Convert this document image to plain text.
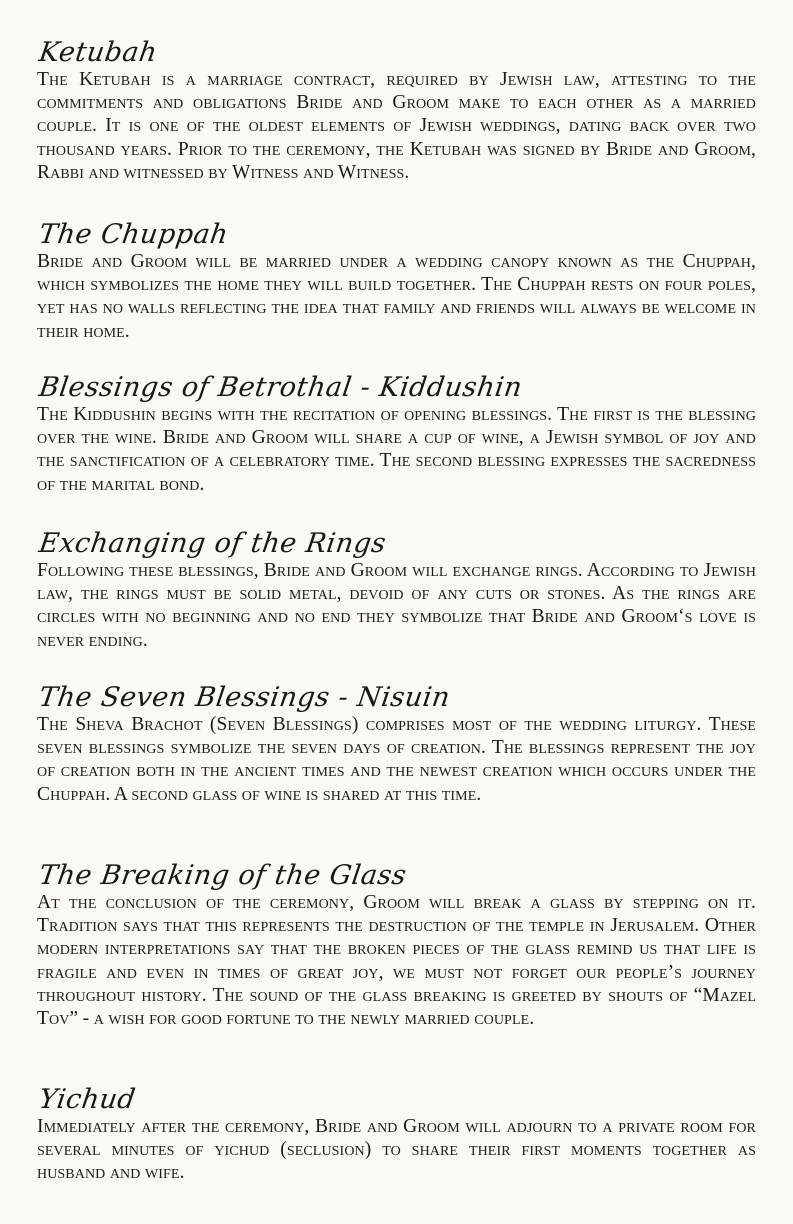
Ketubah

The Ketubah is a marriage contract, required by Jewish law, attesting to the commitments and obligations Bride and Groom make to each other as a married couple. It is one of the oldest elements of Jewish weddings, dating back over two thousand years. Prior to the ceremony, the Ketubah was signed by Bride and Groom, Rabbi and witnessed by Witness and Witness.

The Chuppah

Bride and Groom will be married under a wedding canopy known as the Chuppah, which symbolizes the home they will build together. The Chuppah rests on four poles, yet has no walls reflecting the idea that family and friends will always be welcome in their home.

Blessings of Betrothal - Kiddushin

The Kiddushin begins with the recitation of opening blessings. The first is the blessing over the wine. Bride and Groom will share a cup of wine, a Jewish symbol of joy and the sanctification of a celebratory time. The second blessing expresses the sacredness of the marital bond.

Exchanging of the Rings

Following these blessings, Bride and Groom will exchange rings. According to Jewish law, the rings must be solid metal, devoid of any cuts or stones. As the rings are circles with no beginning and no end they symbolize that Bride and Groom‘s love is never ending.

The Seven Blessings - Nisuin

The Sheva Brachot (Seven Blessings) comprises most of the wedding liturgy. These seven blessings symbolize the seven days of creation. The blessings represent the joy of creation both in the ancient times and the newest creation which occurs under the Chuppah. A second glass of wine is shared at this time.

The Breaking of the Glass

At the conclusion of the ceremony, Groom will break a glass by stepping on it. Tradition says that this represents the destruction of the temple in Jerusalem. Other modern interpretations say that the broken pieces of the glass remind us that life is fragile and even in times of great joy, we must not forget our people’s journey throughout history. The sound of the glass breaking is greeted by shouts of “Mazel Tov” - a wish for good fortune to the newly married couple.

Yichud

Immediately after the ceremony, Bride and Groom will adjourn to a private room for several minutes of yichud (seclusion) to share their first moments together as husband and wife.
